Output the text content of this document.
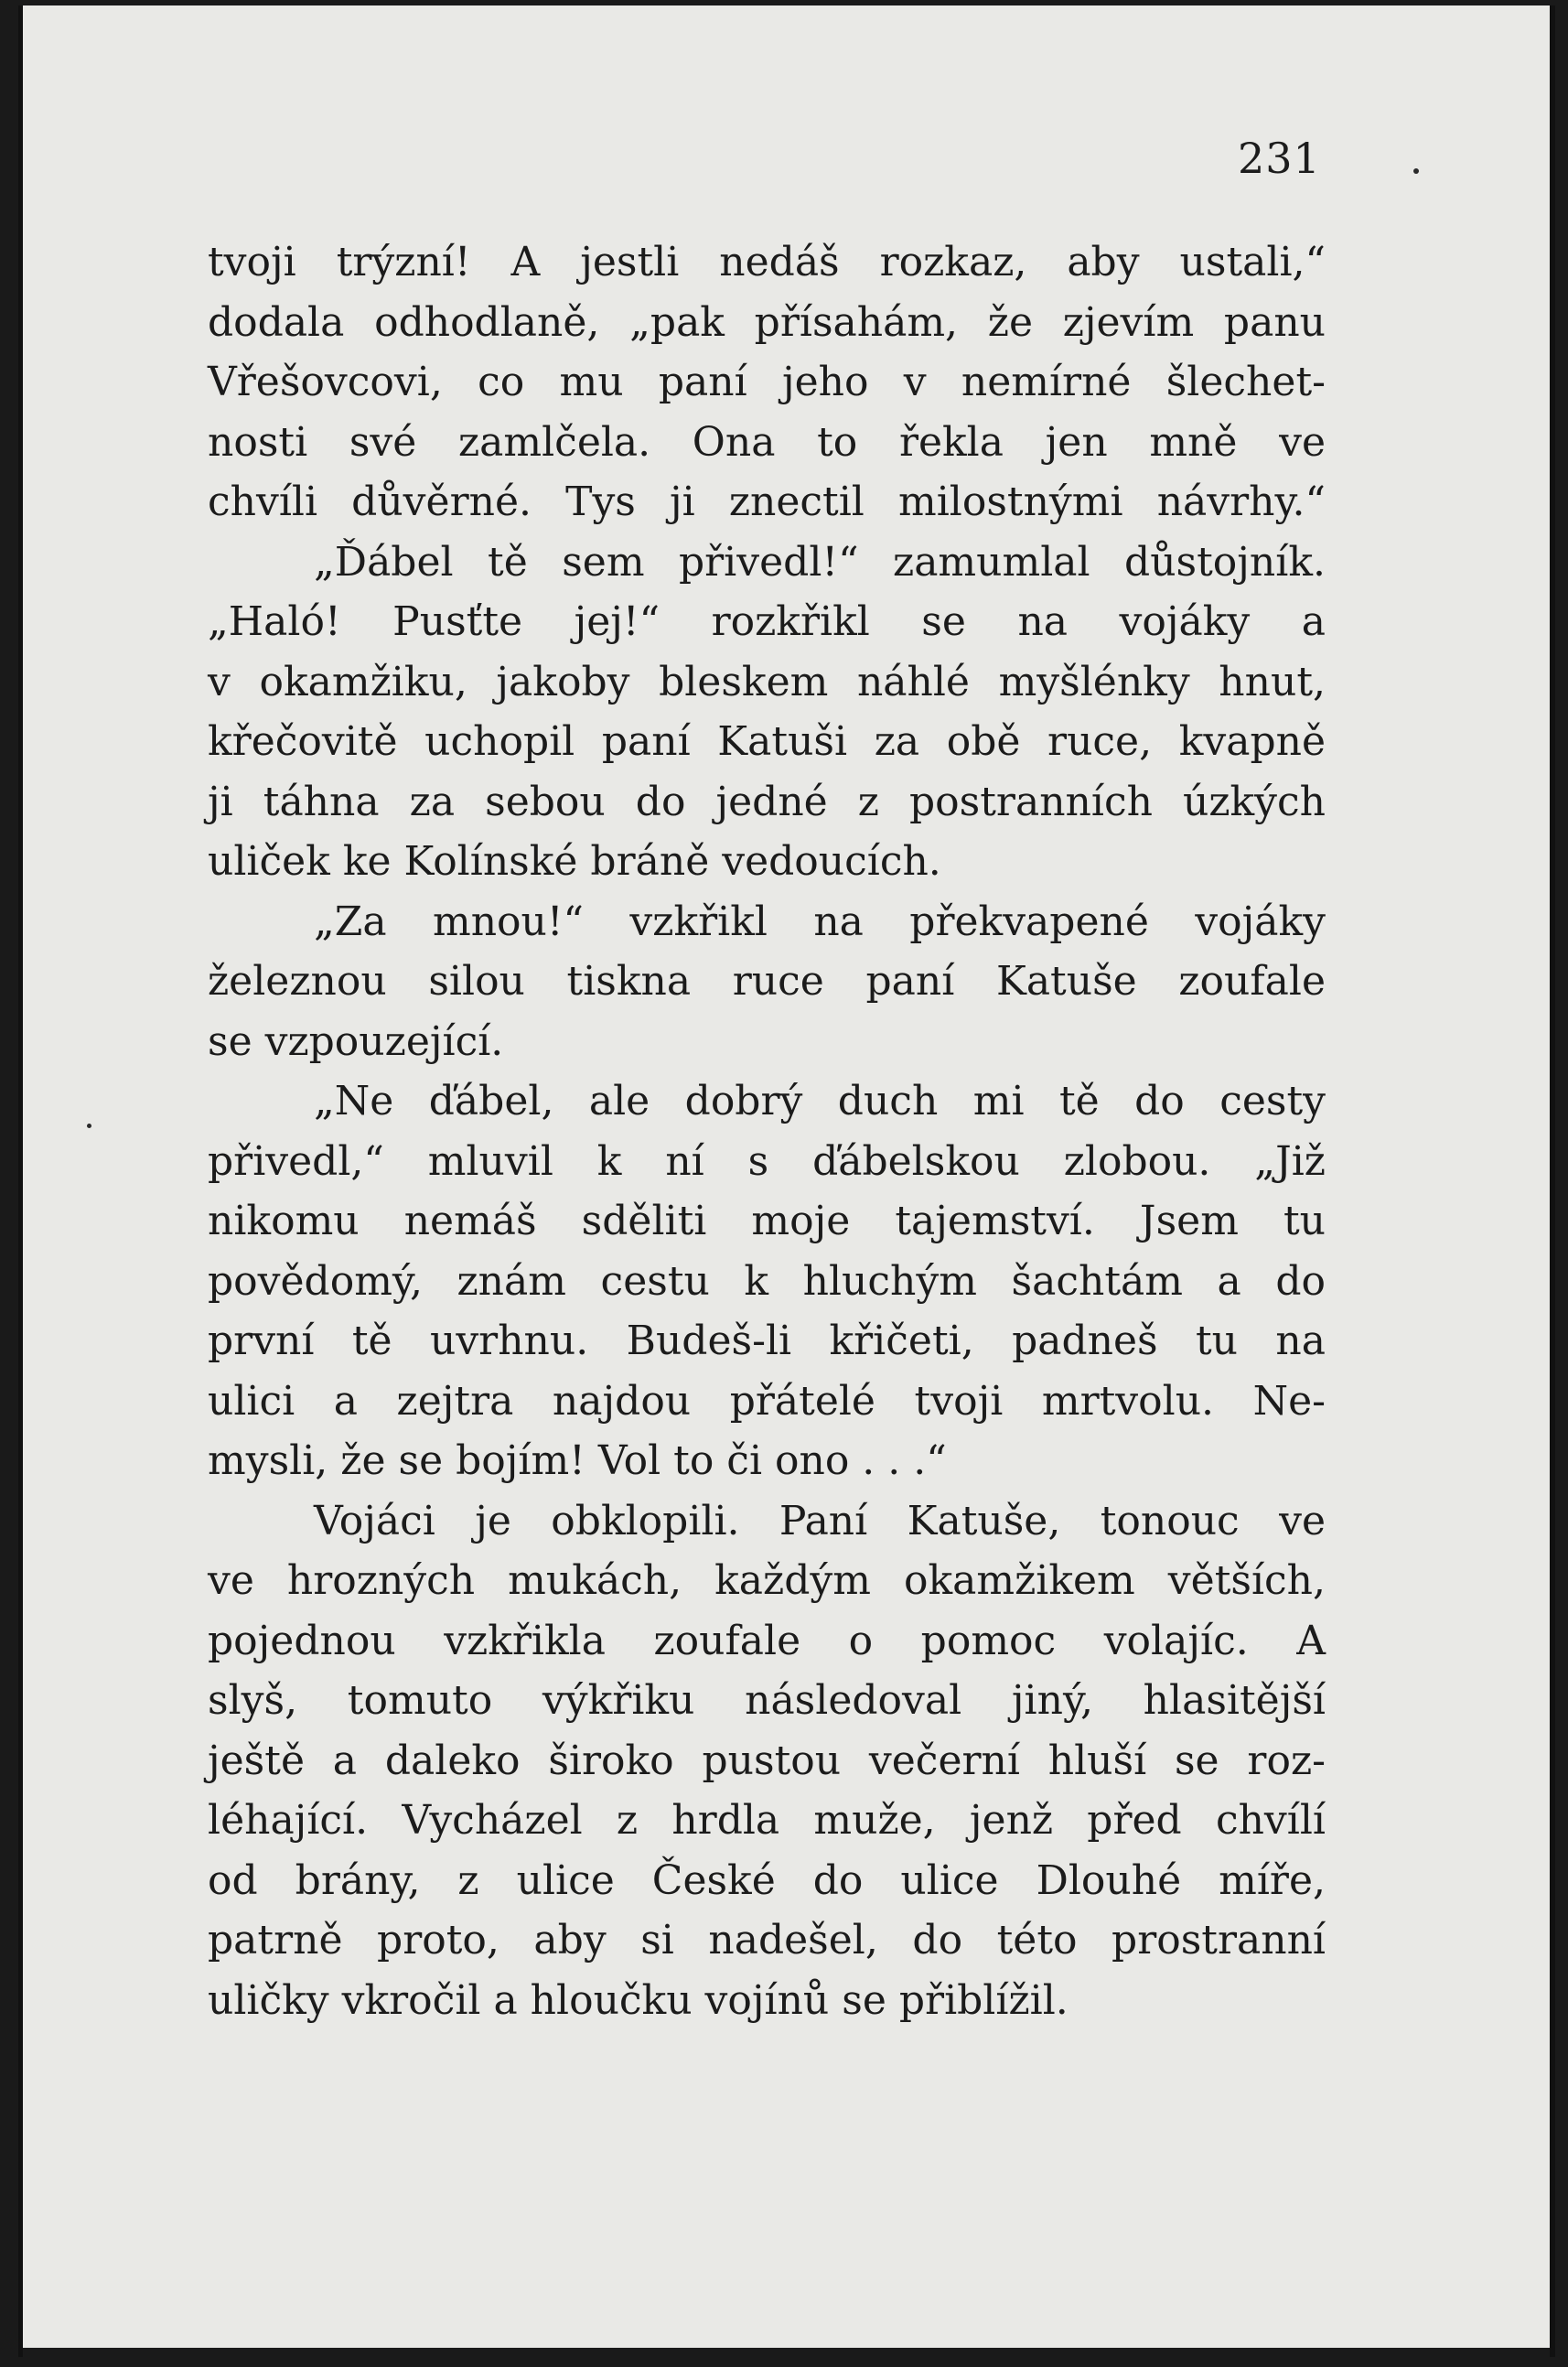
231

tvoji trýzní! A jestli nedáš rozkaz, aby ustali,“
dodala odhodlaně, „pak přísahám, že zjevím panu
Vřešovcovi, co mu paní jeho v nemírné šlechet-
nosti své zamlčela. Ona to řekla jen mně ve
chvíli důvěrné. Tys ji znectil milostnými návrhy.“

„Ďábel tě sem přivedl!“ zamumlal důstojník.
„Haló! Pusťte jej!“ rozkřikl se na vojáky a
v okamžiku, jakoby bleskem náhlé myšlénky hnut,
křečovitě uchopil paní Katuši za obě ruce, kvapně
ji táhna za sebou do jedné z postranních úzkých
uliček ke Kolínské bráně vedoucích.

„Za mnou!“ vzkřikl na překvapené vojáky
železnou silou tiskna ruce paní Katuše zoufale
se vzpouzející.

„Ne ďábel, ale dobrý duch mi tě do cesty
přivedl,“ mluvil k ní s ďábelskou zlobou. „Již
nikomu nemáš sděliti moje tajemství. Jsem tu
povědomý, znám cestu k hluchým šachtám a do
první tě uvrhnu. Budeš-li křičeti, padneš tu na
ulici a zejtra najdou přátelé tvoji mrtvolu. Ne-
mysli, že se bojím! Vol to či ono . . .“

Vojáci je obklopili. Paní Katuše, tonouc ve
ve hrozných mukách, každým okamžikem větších,
pojednou vzkřikla zoufale o pomoc volajíc. A
slyš, tomuto výkřiku následoval jiný, hlasitější
ještě a daleko široko pustou večerní hluší se roz-
léhající. Vycházel z hrdla muže, jenž před chvílí
od brány, z ulice České do ulice Dlouhé míře,
patrně proto, aby si nadešel, do této prostranní
uličky vkročil a hloučku vojínů se přiblížil.
